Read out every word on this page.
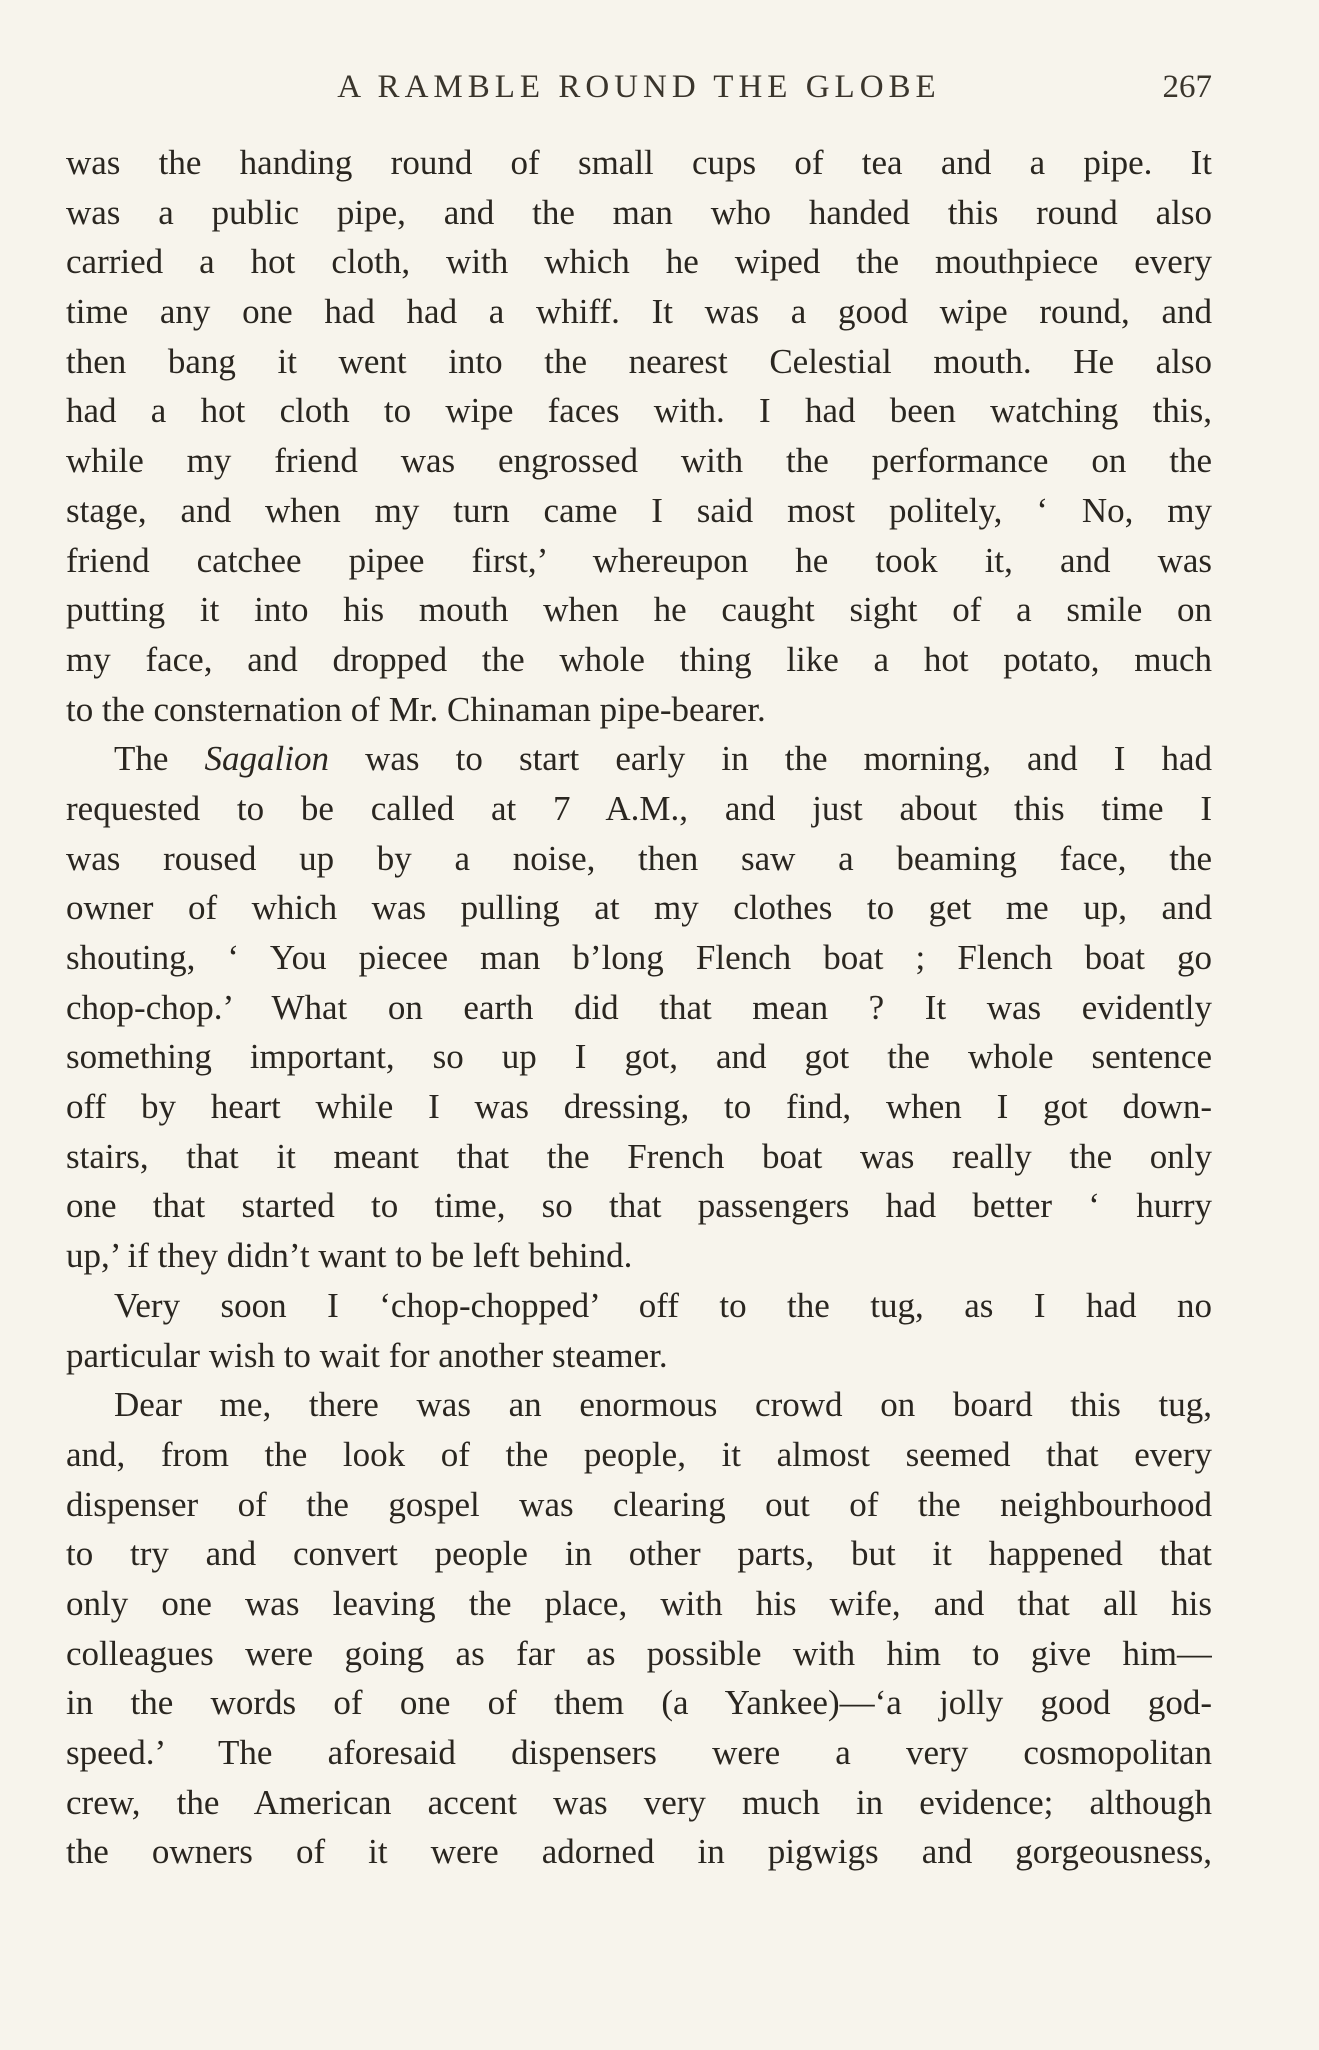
A RAMBLE ROUND THE GLOBE	267
was the handing round of small cups of tea and a pipe. It
was a public pipe, and the man who handed this round also
carried a hot cloth, with which he wiped the mouthpiece every
time any one had had a whiff. It was a good wipe round, and
then bang it went into the nearest Celestial mouth. He also
had a hot cloth to wipe faces with. I had been watching this,
while my friend was engrossed with the performance on the
stage, and when my turn came I said most politely, ‘ No, my
friend catchee pipee first,’ whereupon he took it, and was
putting it into his mouth when he caught sight of a smile on
my face, and dropped the whole thing like a hot potato, much
to the consternation of Mr. Chinaman pipe-bearer.
The Sagalion was to start early in the morning, and I had
requested to be called at 7 A.M., and just about this time I
was roused up by a noise, then saw a beaming face, the
owner of which was pulling at my clothes to get me up, and
shouting, ‘ You piecee man b’long Flench boat ; Flench boat go
chop-chop.’ What on earth did that mean ? It was evidently
something important, so up I got, and got the whole sentence
off by heart while I was dressing, to find, when I got down-
stairs, that it meant that the French boat was really the only
one that started to time, so that passengers had better ‘ hurry
up,’ if they didn’t want to be left behind.
Very soon I ‘chop-chopped’ off to the tug, as I had no
particular wish to wait for another steamer.
Dear me, there was an enormous crowd on board this tug,
and, from the look of the people, it almost seemed that every
dispenser of the gospel was clearing out of the neighbourhood
to try and convert people in other parts, but it happened that
only one was leaving the place, with his wife, and that all his
colleagues were going as far as possible with him to give him—
in the words of one of them (a Yankee)—‘a jolly good god-
speed.’ The aforesaid dispensers were a very cosmopolitan
crew, the American accent was very much in evidence; although
the owners of it were adorned in pigwigs and gorgeousness,
